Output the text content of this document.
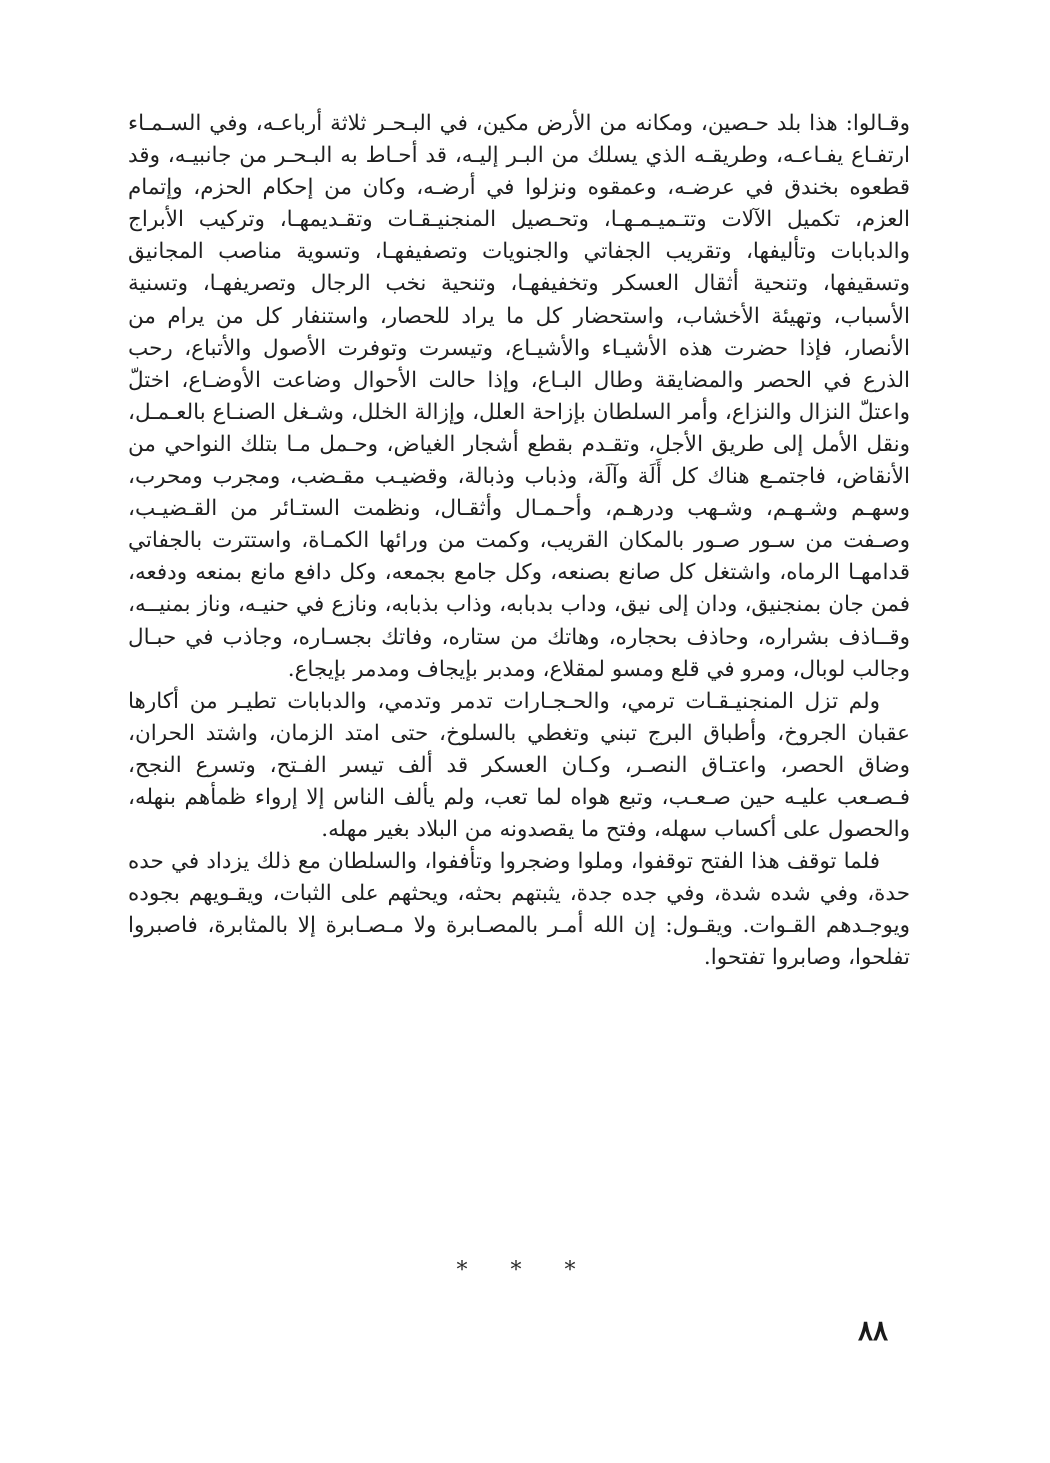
وقـالوا: هذا بلد حـصين، ومكانه من الأرض مكين، في البـحـر ثلاثة أرباعـه، وفي السـمـاء ارتفـاع يفـاعـه، وطريقـه الذي يسلك من البـر إليـه، قد أحـاط به البـحـر من جانبيـه، وقد قطعوه بخندق في عرضـه، وعمقوه ونزلوا في أرضـه، وكان من إحكام الحزم، وإتمام العزم، تكميل الآلات وتتـميـمـهـا، وتحـصيل المنجنيـقـات وتقـديمهـا، وتركيب الأبراج والدبابات وتأليفها، وتقريب الجفاتي والجنويات وتصفيفهـا، وتسوية مناصب المجانيق وتسقيفها، وتنحية أثقال العسكر وتخفيفهـا، وتنحية نخب الرجال وتصريفهـا، وتسنية الأسباب، وتهيئة الأخشاب، واستحضار كل ما يراد للحصار، واستنفار كل من يرام من الأنصار، فإذا حضرت هذه الأشيـاء والأشيـاع، وتيسرت وتوفرت الأصول والأتباع، رحب الذرع في الحصر والمضايقة وطال البـاع، وإذا حالت الأحوال وضاعت الأوضـاع، اختلّ واعتلّ النزال والنزاع، وأمر السلطان بإزاحة العلل، وإزالة الخلل، وشـغل الصنـاع بالعـمـل، ونقل الأمل إلى طريق الأجل، وتقـدم بقطع أشجار الغياض، وحـمل مـا بتلك النواحي من الأنقاض، فاجتمـع هناك كل أَلَة وآلَة، وذباب وذبالة، وقضيـب مقـضب، ومجرب ومحرب، وسهـم وشـهـم، وشـهب ودرهـم، وأحـمـال وأثقـال، ونظمت الستـائر من القـضيـب، وصـفت من سـور صـور بالمكان القريب، وكمت من ورائها الكمـاة، واستترت بالجفاتي قدامهـا الرماه، واشتغل كل صانع بصنعه، وكل جامع بجمعه، وكل دافع مانع بمنعه ودفعه، فمن جان بمنجنيق، ودان إلى نيق، وداب بدبابه، وذاب بذبابه، ونازع في حنيـه، وناز بمنيــه، وقــاذف بشراره، وحاذف بحجاره، وهاتك من ستاره، وفاتك بجسـاره، وجاذب في حبـال وجالب لوبال، ومرو في قلع ومسو لمقلاع، ومدبر بإيجاف ومدمر بإيجاع.

ولم تزل المنجنيـقـات ترمي، والحـجـارات تدمر وتدمي، والدبابات تطيـر من أكارها عقبان الجروخ، وأطباق البرج تبني وتغطي بالسلوخ، حتى امتد الزمان، واشتد الحران، وضاق الحصر، واعتـاق النصـر، وكـان العسكر قد ألف تيسر الفـتح، وتسرع النجح، فـصـعب عليـه حين صـعـب، وتبع هواه لما تعب، ولم يألف الناس إلا إرواء ظمأهم بنهله، والحصول على أكساب سهله، وفتح ما يقصدونه من البلاد بغير مهله.

فلما توقف هذا الفتح توقفوا، وملوا وضجروا وتأففوا، والسلطان مع ذلك يزداد في حده حدة، وفي شده شدة، وفي جده جدة، يثبتهم بحثه، ويحثهم على الثبات، ويقـويهم بجوده ويوجـدهم القـوات. ويقـول: إن الله أمـر بالمصـابرة ولا مـصـابرة إلا بالمثابرة، فاصبروا تفلحوا، وصابروا تفتحوا.

* * *
٨٨
